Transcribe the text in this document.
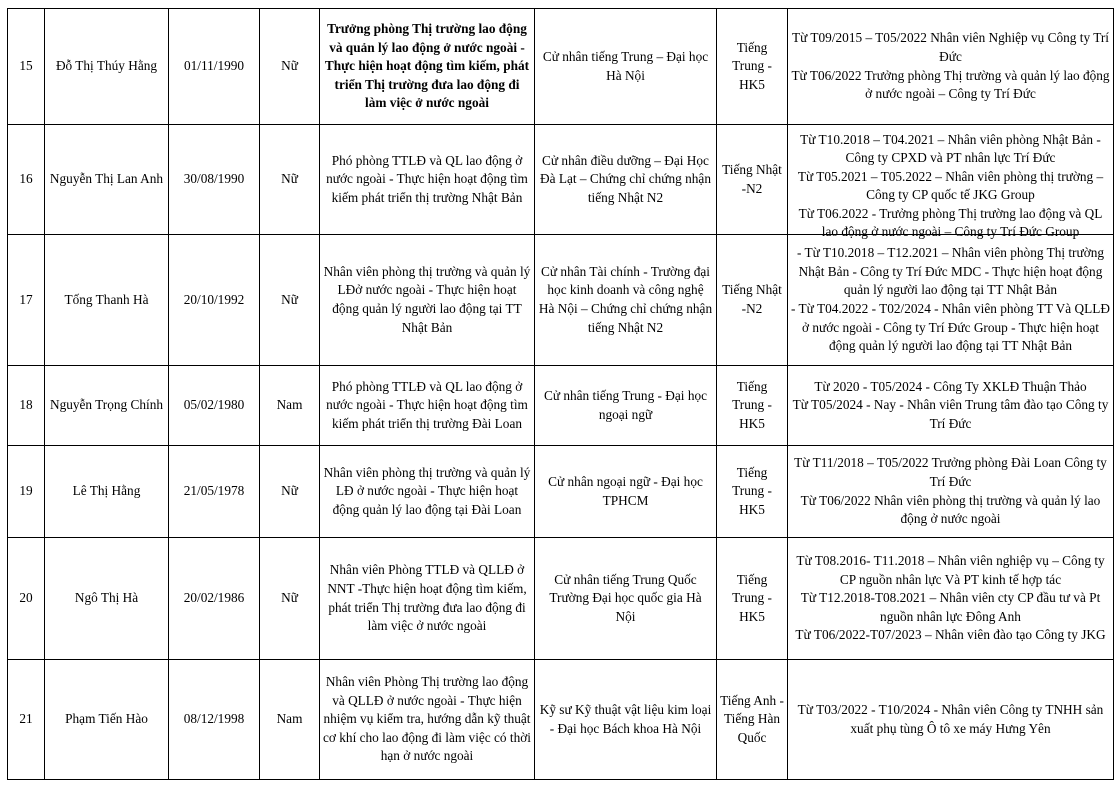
15	Đỗ Thị Thúy Hằng	01/11/1990	Nữ	Trưởng phòng Thị trường lao động và quản lý lao động ở nước ngoài - Thực hiện hoạt động tìm kiếm, phát triển Thị trường đưa lao động đi làm việc ở nước ngoài	Cử nhân tiếng Trung – Đại học Hà Nội	Tiếng Trung - HK5	Từ T09/2015 – T05/2022 Nhân viên Nghiệp vụ Công ty Trí Đức
Từ T06/2022 Trưởng phòng Thị trường và quản lý lao động ở nước ngoài – Công ty Trí Đức

16	Nguyễn Thị Lan Anh	30/08/1990	Nữ	Phó phòng TTLĐ và QL lao động ở nước ngoài - Thực hiện hoạt động tìm kiếm phát triển thị trường Nhật Bản	Cử nhân điều dưỡng – Đại Học Đà Lạt – Chứng chỉ chứng nhận tiếng Nhật N2	Tiếng Nhật -N2	Từ T10.2018 – T04.2021 – Nhân viên phòng Nhật Bản - Công ty CPXD và PT nhân lực Trí Đức
Từ T05.2021 – T05.2022 – Nhân viên phòng thị trường – Công ty CP quốc tế JKG Group
Từ T06.2022 - Trưởng phòng Thị trường lao động và QL lao động ở nước ngoài – Công ty Trí Đức Group

17	Tống Thanh Hà	20/10/1992	Nữ	Nhân viên phòng thị trường và quản lý LĐở nước ngoài - Thực hiện hoạt động quản lý người lao động tại TT Nhật Bản	Cử nhân Tài chính - Trường đại học kinh doanh và công nghệ Hà Nội – Chứng chỉ chứng nhận tiếng Nhật N2	Tiếng Nhật -N2	- Từ T10.2018 – T12.2021 – Nhân viên phòng Thị trường Nhật Bản - Công ty Trí Đức MDC - Thực hiện hoạt động quản lý người lao động tại TT Nhật Bản
- Từ T04.2022 - T02/2024 - Nhân viên phòng TT Và QLLĐ ở nước ngoài - Công ty Trí Đức Group - Thực hiện hoạt động quản lý người lao động tại TT Nhật Bản

18	Nguyễn Trọng Chính	05/02/1980	Nam	Phó phòng TTLĐ và QL lao động ở nước ngoài - Thực hiện hoạt động tìm kiếm phát triển thị trường Đài Loan	Cử nhân tiếng Trung - Đại học ngoại ngữ	Tiếng Trung - HK5	Từ 2020 - T05/2024 - Công Ty XKLĐ Thuận Thảo
Từ T05/2024 - Nay - Nhân viên Trung tâm đào tạo Công ty Trí Đức

19	Lê Thị Hằng	21/05/1978	Nữ	Nhân viên phòng thị trường và quản lý LĐ ở nước ngoài - Thực hiện hoạt động quản lý lao động tại Đài Loan	Cử nhân ngoại ngữ - Đại học TPHCM	Tiếng Trung - HK5	Từ T11/2018 – T05/2022 Trưởng phòng Đài Loan Công ty Trí Đức
Từ T06/2022 Nhân viên phòng thị trường và quản lý lao động ở nước ngoài

20	Ngô Thị Hà	20/02/1986	Nữ	Nhân viên Phòng TTLĐ và QLLĐ ở NNT -Thực hiện hoạt động tìm kiếm, phát triển Thị trường đưa lao động đi làm việc ở nước ngoài	Cử nhân tiếng Trung Quốc Trường Đại học quốc gia Hà Nội	Tiếng Trung - HK5	Từ T08.2016- T11.2018 – Nhân viên nghiệp vụ – Công ty CP nguồn nhân lực Và PT kinh tế hợp tác
Từ T12.2018-T08.2021 – Nhân viên cty CP đầu tư và Pt nguồn nhân lực Đông Anh
Từ T06/2022-T07/2023 – Nhân viên đào tạo Công ty JKG

21	Phạm Tiến Hào	08/12/1998	Nam	Nhân viên Phòng Thị trường lao động và QLLĐ ở nước ngoài - Thực hiện nhiệm vụ kiểm tra, hướng dẫn kỹ thuật cơ khí cho lao động đi làm việc có thời hạn ở nước ngoài	Kỹ sư Kỹ thuật vật liệu kim loại - Đại học Bách khoa Hà Nội	Tiếng Anh - Tiếng Hàn Quốc	Từ T03/2022 - T10/2024 - Nhân viên Công ty TNHH sản xuất phụ tùng Ô tô xe máy Hưng Yên
